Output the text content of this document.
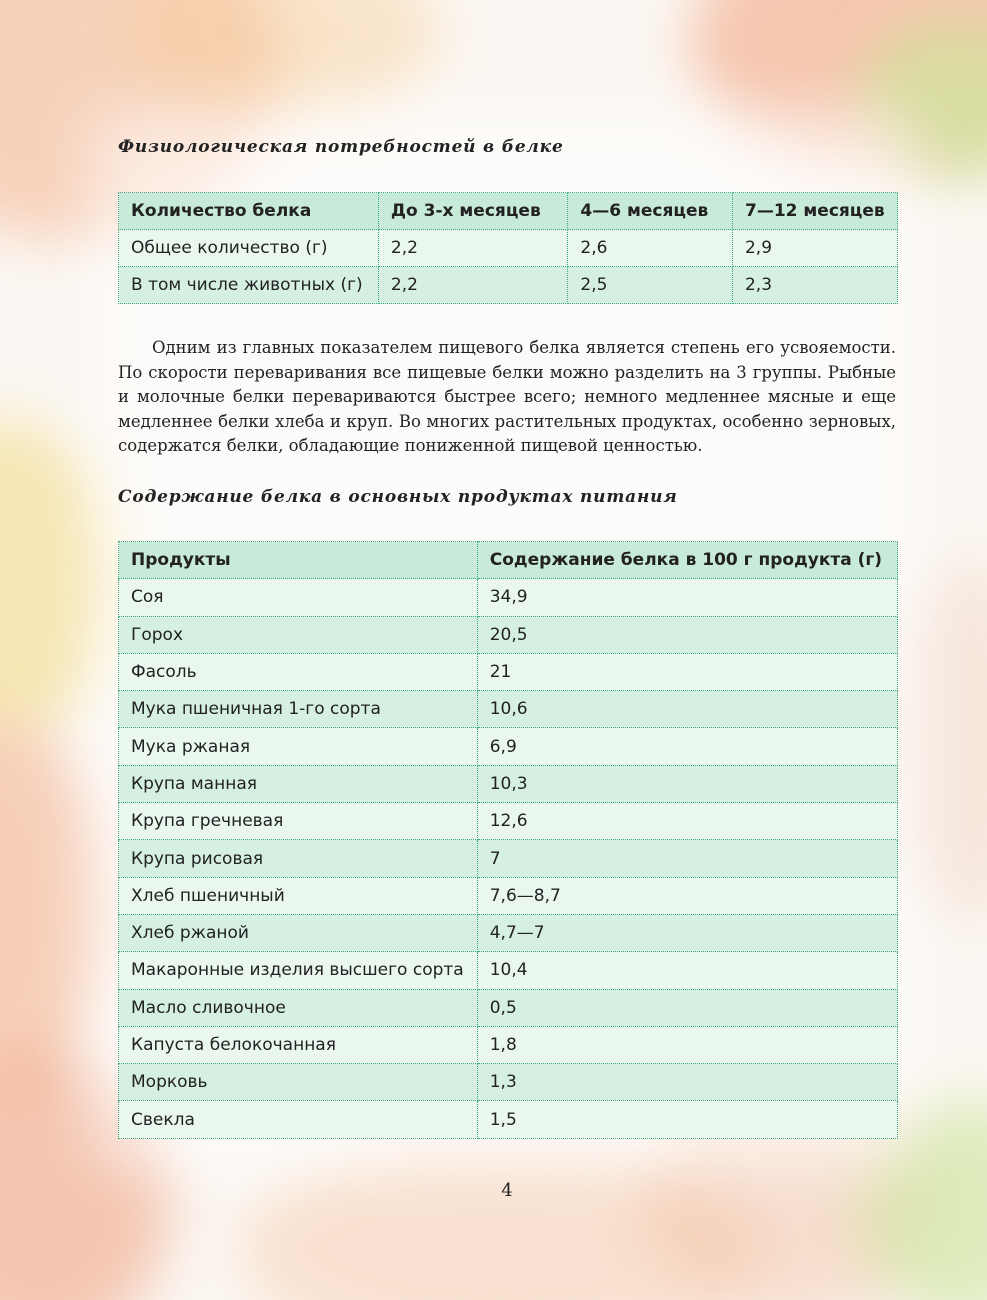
Физиологическая потребностей в белке
Количество белка	До 3-х месяцев	4—6 месяцев	7—12 месяцев
Общее количество (г)	2,2	2,6	2,9
В том числе животных (г)	2,2	2,5	2,3

Одним из главных показателем пищевого белка является степень его усвояемости. По скорости переваривания все пищевые белки можно разделить на 3 группы. Рыбные и молочные белки перевариваются быстрее всего; немного медленнее мясные и еще медленнее белки хлеба и круп. Во многих растительных продуктах, особенно зерновых, содержатся белки, обладающие пониженной пищевой ценностью.

Содержание белка в основных продуктах питания
Продукты	Содержание белка в 100 г продукта (г)
Соя	34,9
Горох	20,5
Фасоль	21
Мука пшеничная 1-го сорта	10,6
Мука ржаная	6,9
Крупа манная	10,3
Крупа гречневая	12,6
Крупа рисовая	7
Хлеб пшеничный	7,6—8,7
Хлеб ржаной	4,7—7
Макаронные изделия высшего сорта	10,4
Масло сливочное	0,5
Капуста белокочанная	1,8
Морковь	1,3
Свекла	1,5
4
